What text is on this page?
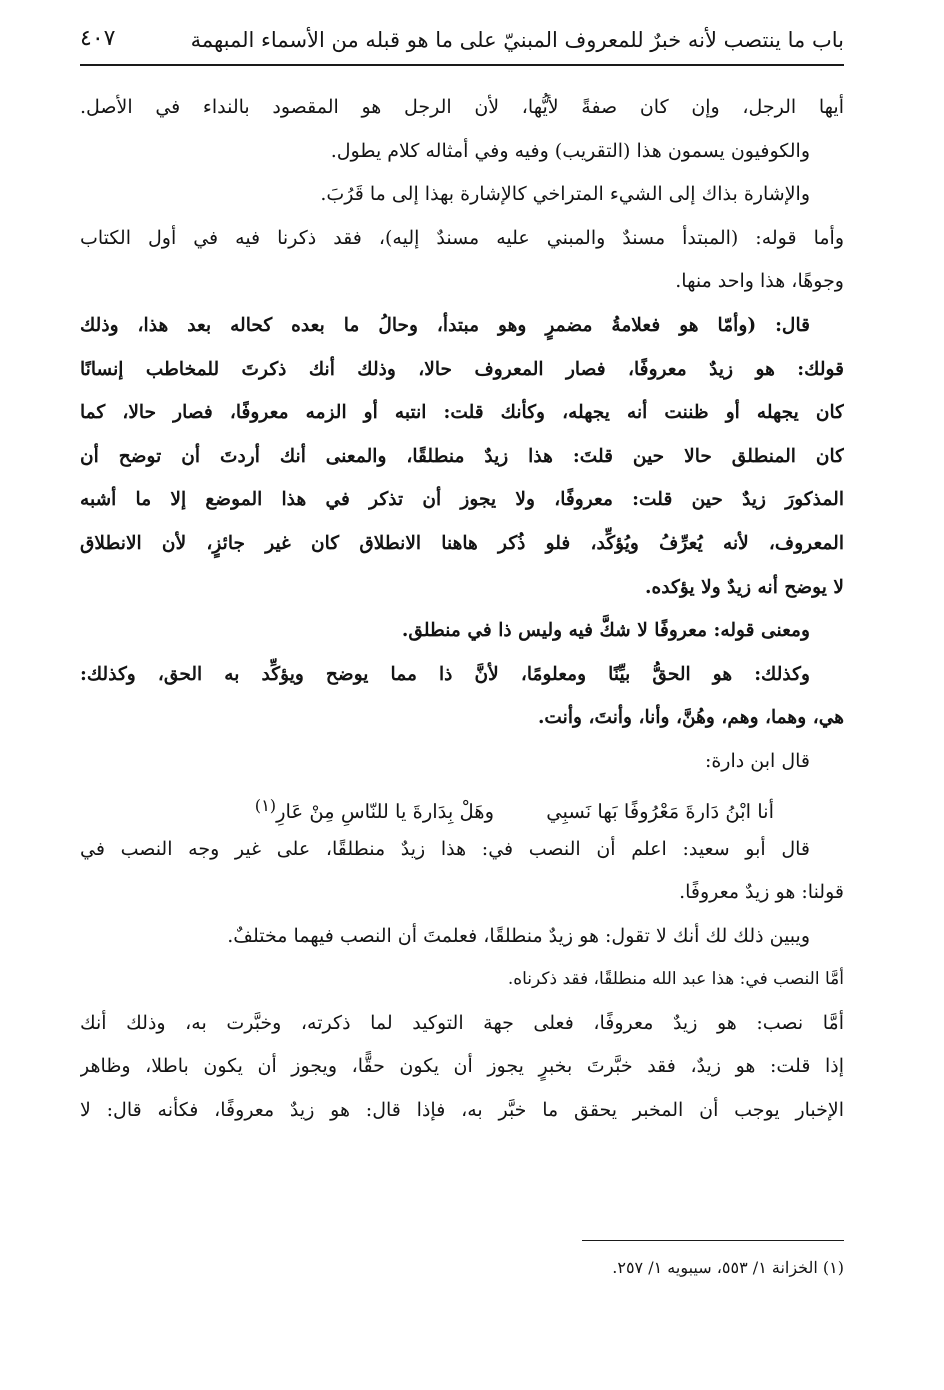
باب ما ينتصب لأنه خبرٌ للمعروف المبنيّ على ما هو قبله من الأسماء المبهمة
٤٠٧
أيها الرجل، وإن كان صفةً لأيُّها، لأن الرجل هو المقصود بالنداء في الأصل.
والكوفيون يسمون هذا (التقريب) وفيه وفي أمثاله كلام يطول.
والإشارة بذاك إلى الشيء المتراخي كالإشارة بهذا إلى ما قَرُبَ.
وأما قوله: (المبتدأ مسندٌ والمبني عليه مسندٌ إليه)، فقد ذكرنا فيه في أول الكتاب
وجوهًا، هذا واحد منها.
قال: (وأمّا هو فعلامةُ مضمرٍ وهو مبتدأ، وحالُ ما بعده كحاله بعد هذا، وذلك
قولك: هو زيدٌ معروفًا، فصار المعروف حالا، وذلك أنك ذكرتَ للمخاطب إنسانًا
كان يجهله أو ظننت أنه يجهله، وكأنك قلت: انتبه أو الزمه معروفًا، فصار حالا، كما
كان المنطلق حالا حين قلتَ: هذا زيدٌ منطلقًا، والمعنى أنك أردتَ أن توضح أن
المذكورَ زيدٌ حين قلت: معروفًا، ولا يجوز أن تذكر في هذا الموضع إلا ما أشبه
المعروف، لأنه يُعرِّفُ ويُؤكِّد، فلو ذُكر هاهنا الانطلاق كان غير جائزٍ، لأن الانطلاق
لا يوضح أنه زيدٌ ولا يؤكده.
ومعنى قوله: معروفًا لا شكَّ فيه وليس ذا في منطلق.
وكذلك: هو الحقُّ بيِّنًا ومعلومًا، لأنَّ ذا مما يوضح ويؤكِّد به الحق، وكذلك:
هي، وهما، وهم، وهُنَّ، وأنا، وأنتَ، وأنت.
قال ابن دارة:
أنا ابْنُ دَارةَ مَعْرُوفًا بَها نَسبِيوهَلْ بِدَارةَ يا للنّاسِ مِنْ عَارِ$^{(١)}$
قال أبو سعيد: اعلم أن النصب في: هذا زيدٌ منطلقًا، على غير وجه النصب في
قولنا: هو زيدٌ معروفًا.
ويبين ذلك لك أنك لا تقول: هو زيدٌ منطلقًا، فعلمتَ أن النصب فيهما مختلفٌ.
أمَّا النصب في: هذا عبد الله منطلقًا، فقد ذكرناه.
أمَّا نصب: هو زيدٌ معروفًا، فعلى جهة التوكيد لما ذكرته، وخبَّرت به، وذلك أنك
إذا قلت: هو زيدٌ، فقد خبَّرتَ بخبرٍ يجوز أن يكون حقًّا، ويجوز أن يكون باطلا، وظاهر
الإخبار يوجب أن المخبر يحقق ما خبَّر به، فإذا قال: هو زيدٌ معروفًا، فكأنه قال: لا
(١) الخزانة ١/ ٥٥٣، سيبويه ١/ ٢٥٧.
